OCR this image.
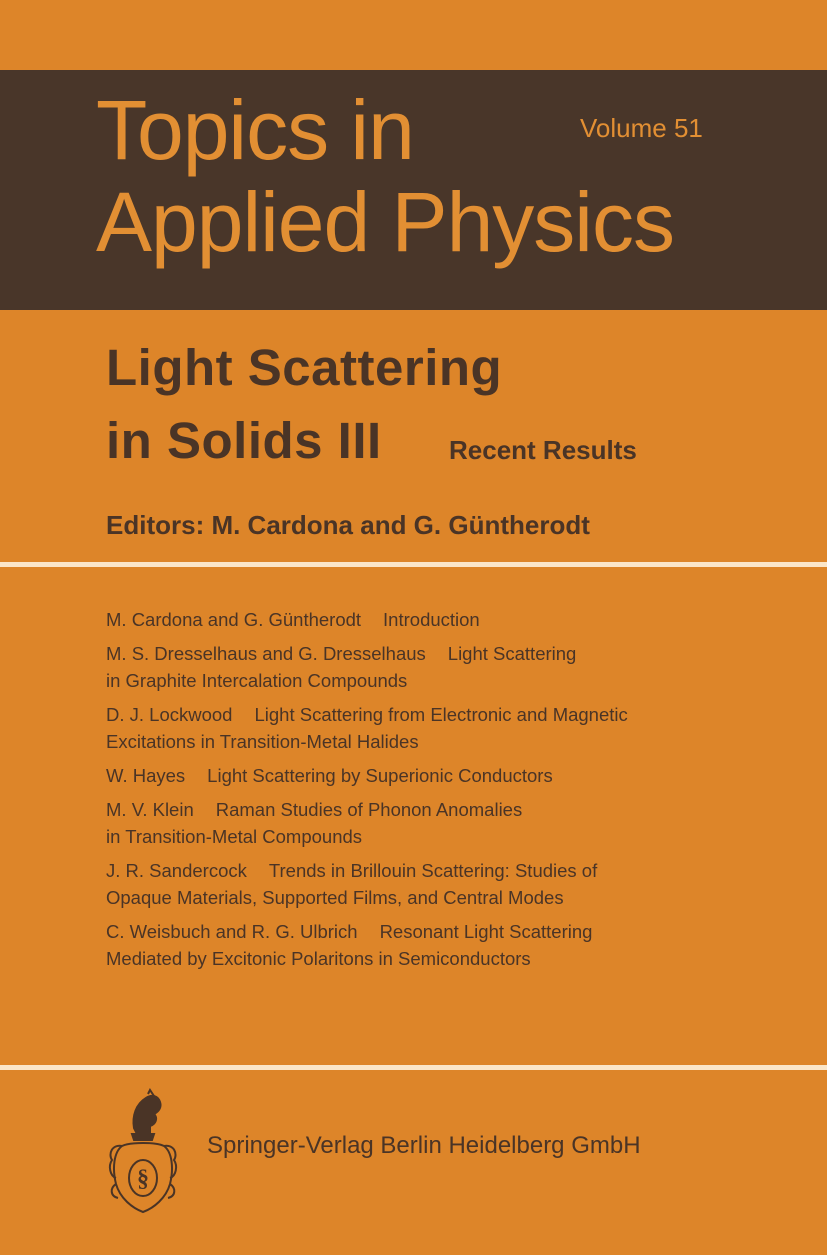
Topics in
Applied Physics
Volume 51
Light Scattering
in Solids III	Recent Results
Editors: M. Cardona and G. Güntherodt
M. Cardona and G. Güntherodt Introduction
M. S. Dresselhaus and G. Dresselhaus Light Scattering
in Graphite Intercalation Compounds
D. J. Lockwood Light Scattering from Electronic and Magnetic
Excitations in Transition-Metal Halides
W. Hayes Light Scattering by Superionic Conductors
M. V. Klein Raman Studies of Phonon Anomalies
in Transition-Metal Compounds
J. R. Sandercock Trends in Brillouin Scattering: Studies of
Opaque Materials, Supported Films, and Central Modes
C. Weisbuch and R. G. Ulbrich Resonant Light Scattering
Mediated by Excitonic Polaritons in Semiconductors
§
Springer-Verlag Berlin Heidelberg GmbH
